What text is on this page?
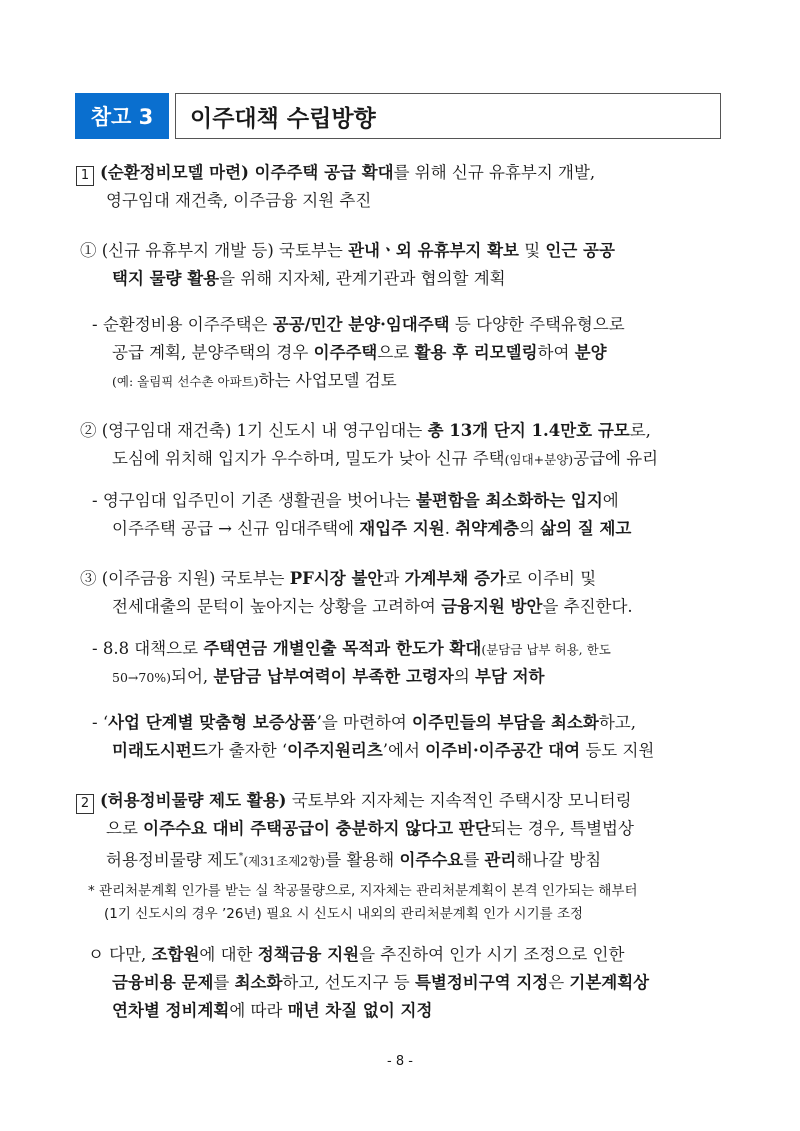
참고 3	이주대책 수립방향
1 (순환정비모델 마련) 이주주택 공급 확대를 위해 신규 유휴부지 개발,
영구임대 재건축, 이주금융 지원 추진
① (신규 유휴부지 개발 등) 국토부는 관내ㆍ외 유휴부지 확보 및 인근 공공
택지 물량 활용을 위해 지자체, 관계기관과 협의할 계획
- 순환정비용 이주주택은 공공/민간 분양·임대주택 등 다양한 주택유형으로
공급 계획, 분양주택의 경우 이주주택으로 활용 후 리모델링하여 분양
(예: 올림픽 선수촌 아파트)하는 사업모델 검토
② (영구임대 재건축) 1기 신도시 내 영구임대는 총 13개 단지 1.4만호 규모로,
도심에 위치해 입지가 우수하며, 밀도가 낮아 신규 주택(임대+분양)공급에 유리
- 영구임대 입주민이 기존 생활권을 벗어나는 불편함을 최소화하는 입지에
이주주택 공급 → 신규 임대주택에 재입주 지원. 취약계층의 삶의 질 제고
③ (이주금융 지원) 국토부는 PF시장 불안과 가계부채 증가로 이주비 및
전세대출의 문턱이 높아지는 상황을 고려하여 금융지원 방안을 추진한다.
- 8.8 대책으로 주택연금 개별인출 목적과 한도가 확대(분담금 납부 허용, 한도
50→70%)되어, 분담금 납부여력이 부족한 고령자의 부담 저하
- ‘사업 단계별 맞춤형 보증상품’을 마련하여 이주민들의 부담을 최소화하고,
미래도시펀드가 출자한 ‘이주지원리츠’에서 이주비·이주공간 대여 등도 지원
2 (허용정비물량 제도 활용) 국토부와 지자체는 지속적인 주택시장 모니터링
으로 이주수요 대비 주택공급이 충분하지 않다고 판단되는 경우, 특별법상
허용정비물량 제도*(제31조제2항)를 활용해 이주수요를 관리해나갈 방침
* 관리처분계획 인가를 받는 실 착공물량으로, 지자체는 관리처분계획이 본격 인가되는 해부터
(1기 신도시의 경우 ’26년) 필요 시 신도시 내외의 관리처분계획 인가 시기를 조정
ㅇ 다만, 조합원에 대한 정책금융 지원을 추진하여 인가 시기 조정으로 인한
금융비용 문제를 최소화하고, 선도지구 등 특별정비구역 지정은 기본계획상
연차별 정비계획에 따라 매년 차질 없이 지정
- 8 -
